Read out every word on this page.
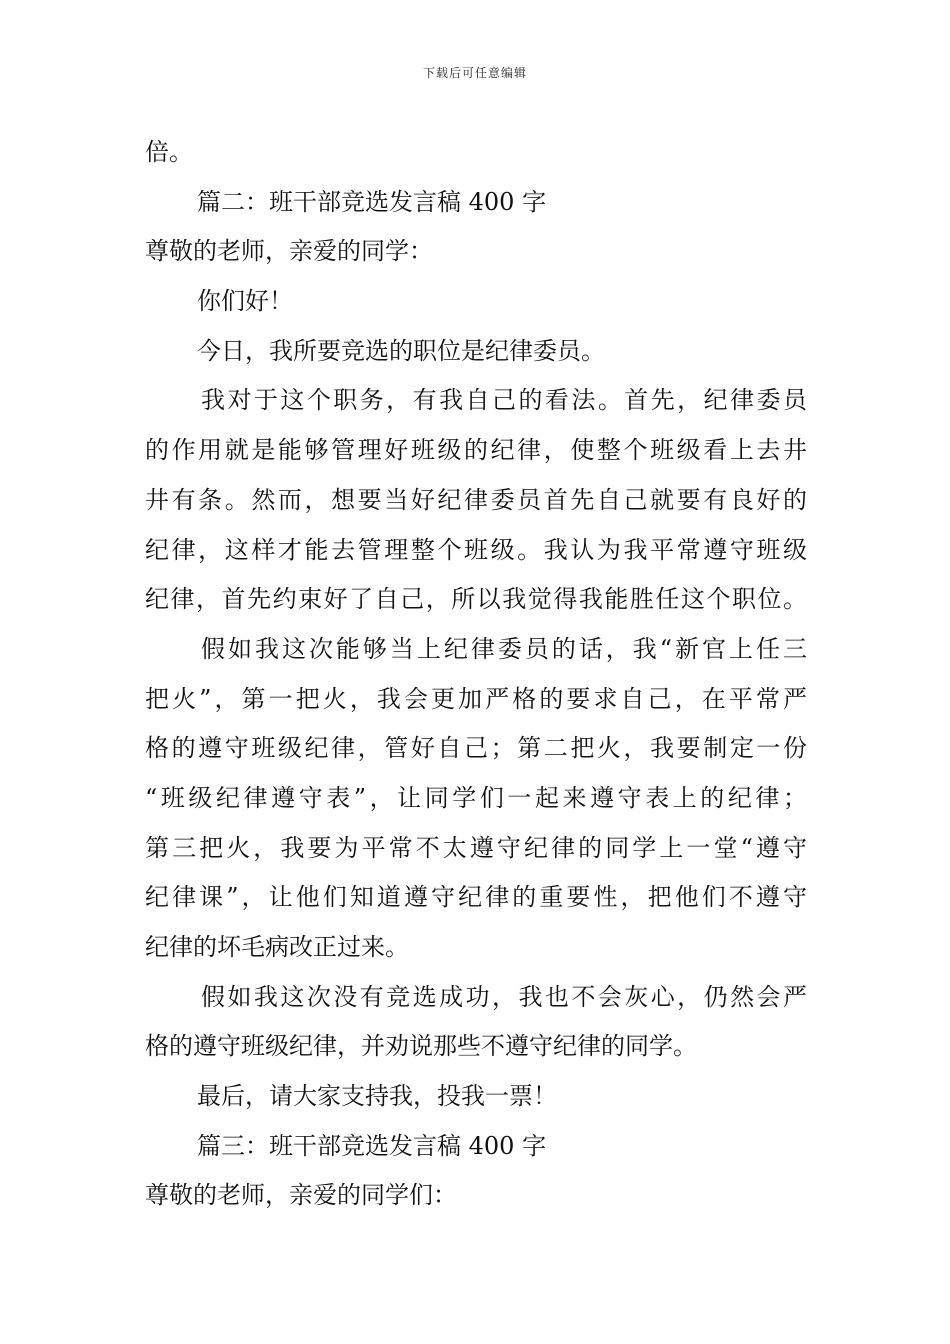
下载后可任意编辑
倍。
篇二：班干部竞选发言稿 400 字
尊敬的老师，亲爱的同学：
你们好！
今日，我所要竞选的职位是纪律委员。
我对于这个职务，有我自己的看法。首先，纪律委员
的作用就是能够管理好班级的纪律，使整个班级看上去井
井有条。然而，想要当好纪律委员首先自己就要有良好的
纪律，这样才能去管理整个班级。我认为我平常遵守班级
纪律，首先约束好了自己，所以我觉得我能胜任这个职位。
假如我这次能够当上纪律委员的话，我“新官上任三
把火”，第一把火，我会更加严格的要求自己，在平常严
格的遵守班级纪律，管好自己；第二把火，我要制定一份
“班级纪律遵守表”，让同学们一起来遵守表上的纪律；
第三把火，我要为平常不太遵守纪律的同学上一堂“遵守
纪律课”，让他们知道遵守纪律的重要性，把他们不遵守
纪律的坏毛病改正过来。
假如我这次没有竞选成功，我也不会灰心，仍然会严
格的遵守班级纪律，并劝说那些不遵守纪律的同学。
最后，请大家支持我，投我一票！
篇三：班干部竞选发言稿 400 字
尊敬的老师，亲爱的同学们：
